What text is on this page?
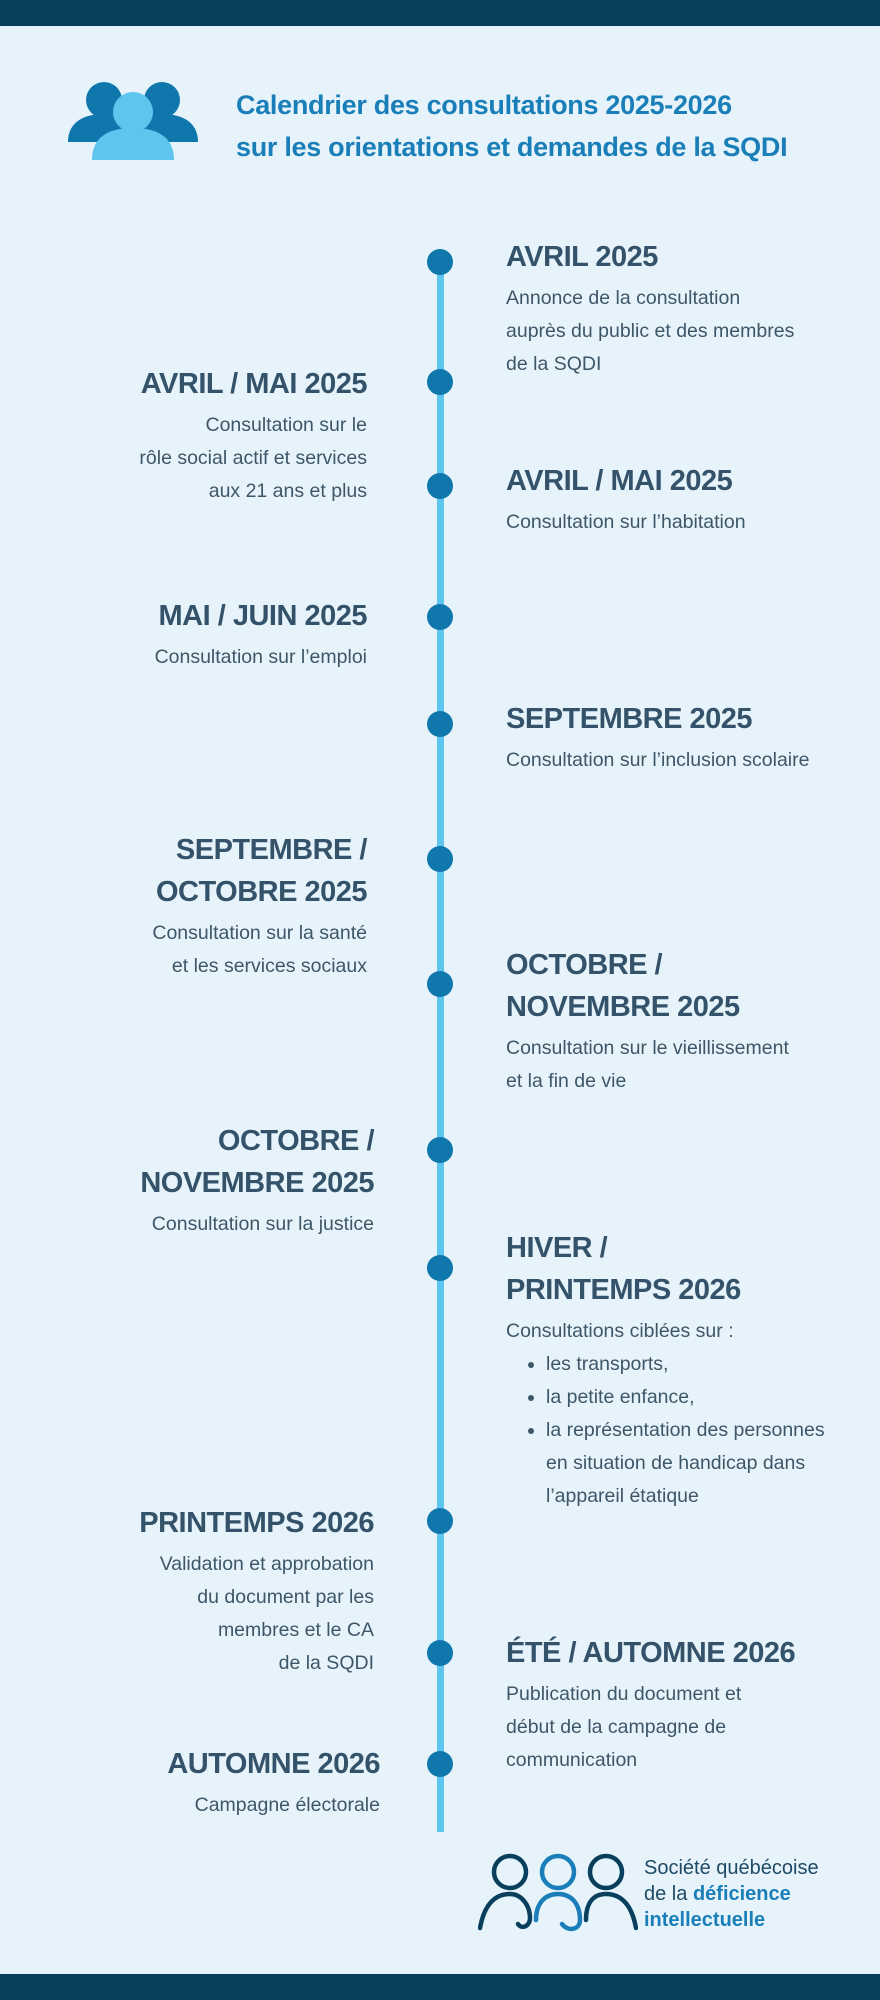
Calendrier des consultations 2025-2026
sur les orientations et demandes de la SQDI
AVRIL 2025
Annonce de la consultation
auprès du public et des membres
de la SQDI
AVRIL / MAI 2025
Consultation sur le
rôle social actif et services
aux 21 ans et plus	AVRIL / MAI 2025
Consultation sur l’habitation
MAI / JUIN 2025
Consultation sur l’emploi
SEPTEMBRE 2025
Consultation sur l’inclusion scolaire
SEPTEMBRE /
OCTOBRE 2025
Consultation sur la santé
et les services sociaux	OCTOBRE /
NOVEMBRE 2025
Consultation sur le vieillissement
et la fin de vie
OCTOBRE /
NOVEMBRE 2025
Consultation sur la justice
HIVER /
PRINTEMPS 2026
Consultations ciblées sur :
• les transports,
• la petite enfance,
• la représentation des personnes en situation de handicap dans l’appareil étatique
PRINTEMPS 2026
Validation et approbation
du document par les
membres et le CA
de la SQDI	ÉTÉ / AUTOMNE 2026
Publication du document et
début de la campagne de
communication
AUTOMNE 2026
Campagne électorale
Société québécoise
de la déficience
intellectuelle
